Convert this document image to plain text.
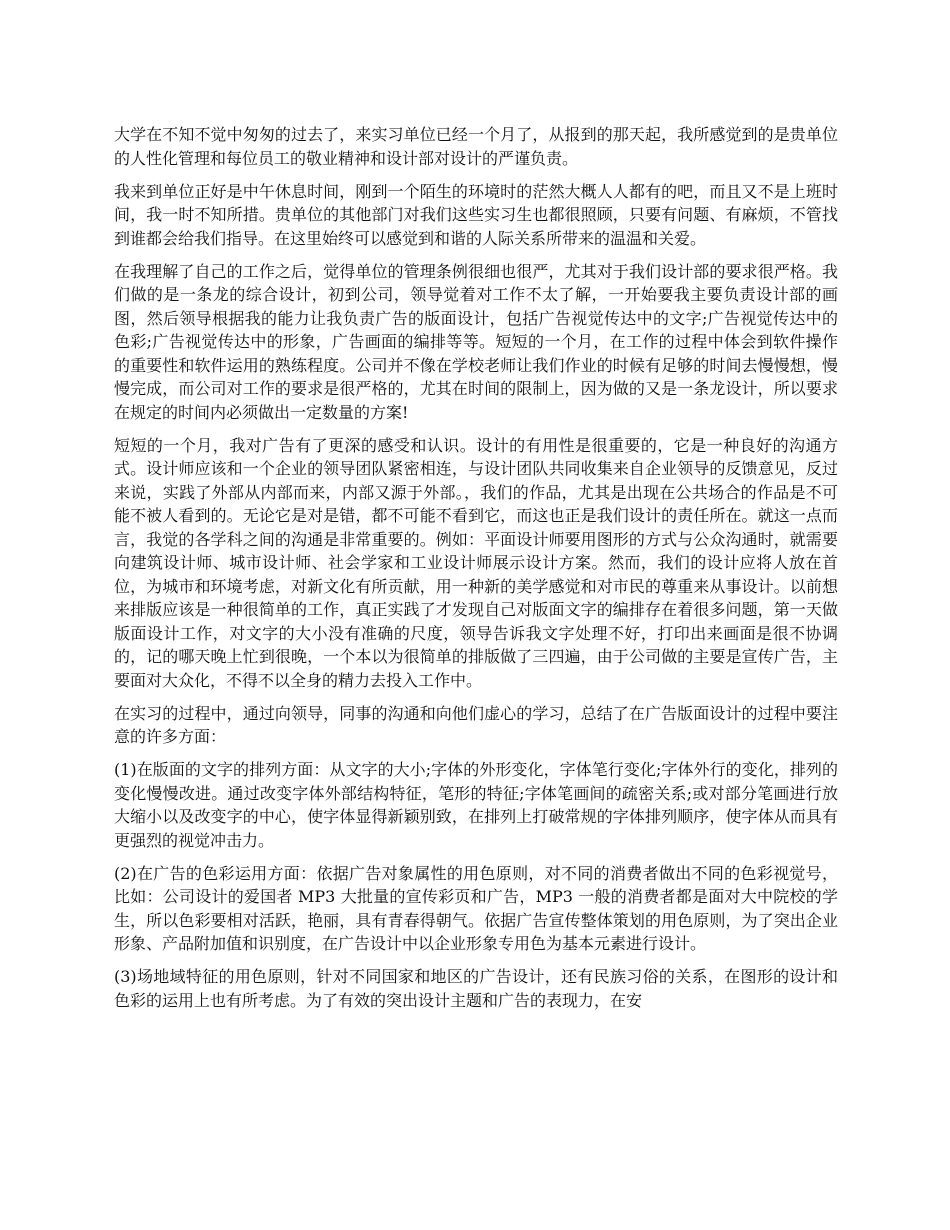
大学在不知不觉中匆匆的过去了，来实习单位已经一个月了，从报到的那天起，我所感觉到的是贵单位的人性化管理和每位员工的敬业精神和设计部对设计的严谨负责。

我来到单位正好是中午休息时间，刚到一个陌生的环境时的茫然大概人人都有的吧，而且又不是上班时间，我一时不知所措。贵单位的其他部门对我们这些实习生也都很照顾，只要有问题、有麻烦，不管找到谁都会给我们指导。在这里始终可以感觉到和谐的人际关系所带来的温温和关爱。

在我理解了自己的工作之后，觉得单位的管理条例很细也很严，尤其对于我们设计部的要求很严格。我们做的是一条龙的综合设计，初到公司，领导觉着对工作不太了解，一开始要我主要负责设计部的画图，然后领导根据我的能力让我负责广告的版面设计，包括广告视觉传达中的文字;广告视觉传达中的色彩;广告视觉传达中的形象，广告画面的编排等等。短短的一个月，在工作的过程中体会到软件操作的重要性和软件运用的熟练程度。公司并不像在学校老师让我们作业的时候有足够的时间去慢慢想，慢慢完成，而公司对工作的要求是很严格的，尤其在时间的限制上，因为做的又是一条龙设计，所以要求在规定的时间内必须做出一定数量的方案!

短短的一个月，我对广告有了更深的感受和认识。设计的有用性是很重要的，它是一种良好的沟通方式。设计师应该和一个企业的领导团队紧密相连，与设计团队共同收集来自企业领导的反馈意见，反过来说，实践了外部从内部而来，内部又源于外部。，我们的作品，尤其是出现在公共场合的作品是不可能不被人看到的。无论它是对是错，都不可能不看到它，而这也正是我们设计的责任所在。就这一点而言，我觉的各学科之间的沟通是非常重要的。例如：平面设计师要用图形的方式与公众沟通时，就需要向建筑设计师、城市设计师、社会学家和工业设计师展示设计方案。然而，我们的设计应将人放在首位，为城市和环境考虑，对新文化有所贡献，用一种新的美学感觉和对市民的尊重来从事设计。以前想来排版应该是一种很简单的工作，真正实践了才发现自己对版面文字的编排存在着很多问题，第一天做版面设计工作，对文字的大小没有准确的尺度，领导告诉我文字处理不好，打印出来画面是很不协调的，记的哪天晚上忙到很晚，一个本以为很简单的排版做了三四遍，由于公司做的主要是宣传广告，主要面对大众化，不得不以全身的精力去投入工作中。

在实习的过程中，通过向领导，同事的沟通和向他们虚心的学习，总结了在广告版面设计的过程中要注意的许多方面：

(1)在版面的文字的排列方面：从文字的大小;字体的外形变化，字体笔行变化;字体外行的变化，排列的变化慢慢改进。通过改变字体外部结构特征，笔形的特征;字体笔画间的疏密关系;或对部分笔画进行放大缩小以及改变字的中心，使字体显得新颖别致，在排列上打破常规的字体排列顺序，使字体从而具有更强烈的视觉冲击力。

(2)在广告的色彩运用方面：依据广告对象属性的用色原则，对不同的消费者做出不同的色彩视觉号，比如：公司设计的爱国者 MP3 大批量的宣传彩页和广告，MP3 一般的消费者都是面对大中院校的学生，所以色彩要相对活跃，艳丽，具有青春得朝气。依据广告宣传整体策划的用色原则，为了突出企业形象、产品附加值和识别度，在广告设计中以企业形象专用色为基本元素进行设计。

(3)场地域特征的用色原则，针对不同国家和地区的广告设计，还有民族习俗的关系，在图形的设计和色彩的运用上也有所考虑。为了有效的突出设计主题和广告的表现力，在安
